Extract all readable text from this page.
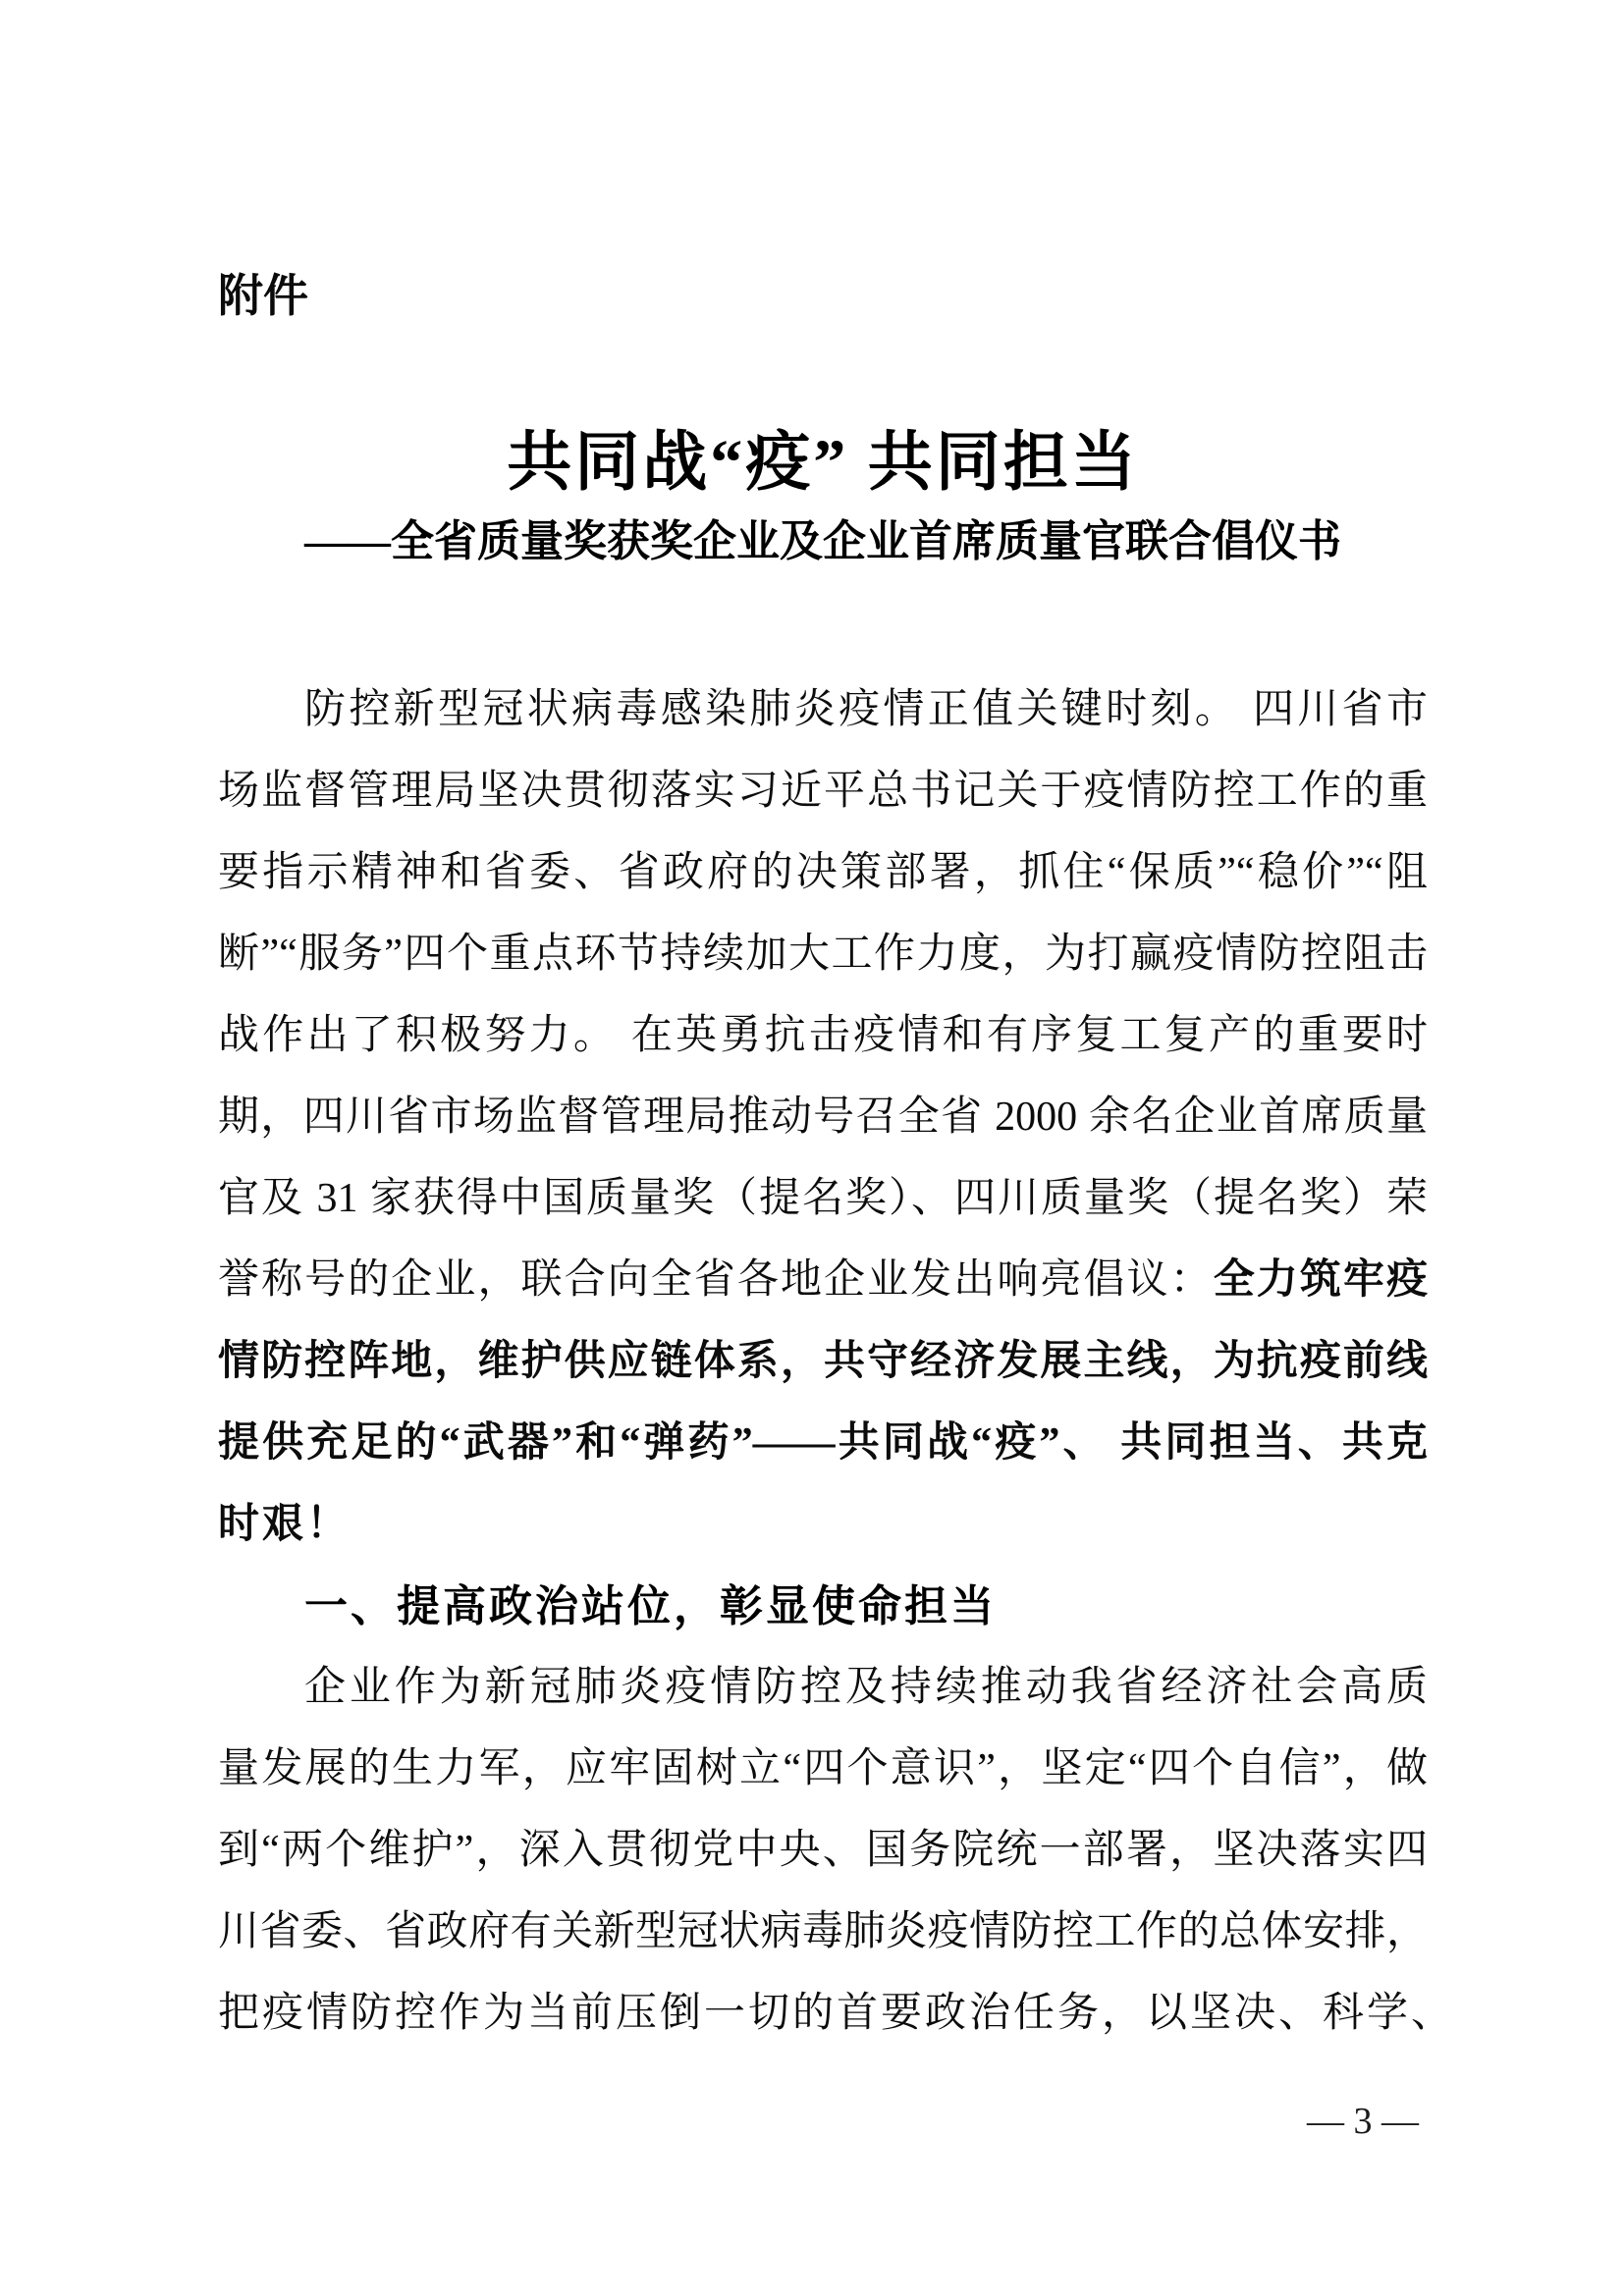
附件
共同战“疫” 共同担当
——全省质量奖获奖企业及企业首席质量官联合倡仪书
防控新型冠状病毒感染肺炎疫情正值关键时刻。 四川省市
场监督管理局坚决贯彻落实习近平总书记关于疫情防控工作的重
要指示精神和省委、省政府的决策部署，抓住“保质”“稳价”“阻
断”“服务”四个重点环节持续加大工作力度，为打赢疫情防控阻击
战作出了积极努力。 在英勇抗击疫情和有序复工复产的重要时
期，四川省市场监督管理局推动号召全省 2000 余名企业首席质量
官及 31 家获得中国质量奖（提名奖）、四川质量奖（提名奖）荣
誉称号的企业，联合向全省各地企业发出响亮倡议：全力筑牢疫
情防控阵地，维护供应链体系，共守经济发展主线，为抗疫前线
提供充足的“武器”和“弹药”——共同战“疫”、 共同担当、共克
时艰！
一、提高政治站位，彰显使命担当
企业作为新冠肺炎疫情防控及持续推动我省经济社会高质
量发展的生力军，应牢固树立“四个意识”，坚定“四个自信”，做
到“两个维护”，深入贯彻党中央、国务院统一部署，坚决落实四
川省委、省政府有关新型冠状病毒肺炎疫情防控工作的总体安排，
把疫情防控作为当前压倒一切的首要政治任务，以坚决、科学、
— 3 —
